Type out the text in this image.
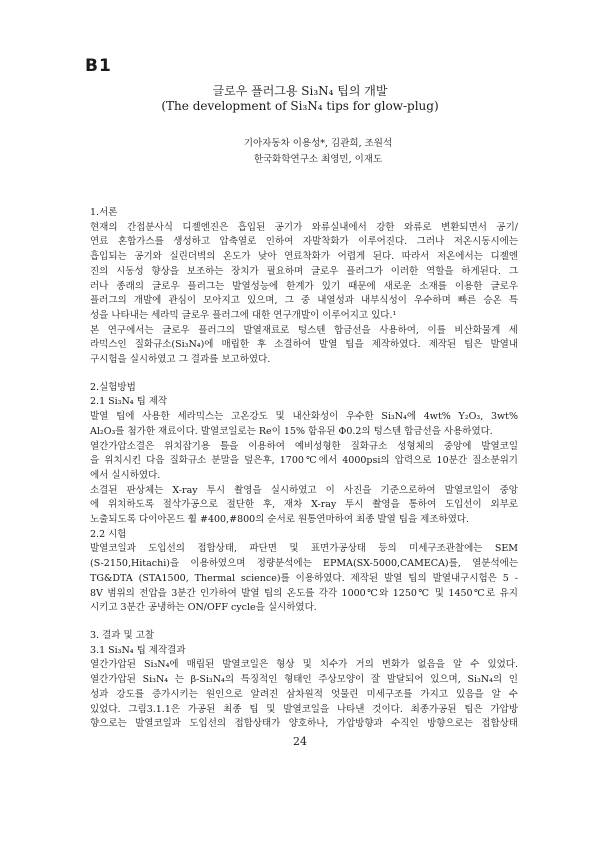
B1
글로우 플러그용 Si₃N₄ 팁의 개발
(The development of Si₃N₄ tips for glow-plug)
기아자동차 이용성*, 김관희, 조원석
한국화학연구소 최영민, 이재도

1.서론

현재의 간접분사식 디젤엔진은 흡입된 공기가 와류실내에서 강한 와류로 변환되면서 공기/

연료 혼합가스를 생성하고 압축열로 인하여 자발착화가 이루어진다. 그러나 저온시동시에는

흡입되는 공기와 실린더벽의 온도가 낮아 연료착화가 어렵게 된다. 따라서 저온에서는 디젤엔

진의 시동성 향상을 보조하는 장치가 필요하며 글로우 플러그가 이러한 역할을 하게된다. 그

러나 종래의 글로우 플러그는 발열성능에 한계가 있기 때문에 새로운 소재를 이용한 글로우

플러그의 개발에 관심이 모아지고 있으며, 그 중 내열성과 내부식성이 우수하며 빠른 승온 특

성을 나타내는 세라믹 글로우 플러그에 대한 연구개발이 이루어지고 있다.¹

본 연구에서는 글로우 플러그의 발열재료로 텅스텐 합금선을 사용하여, 이를 비산화물계 세

라믹스인 질화규소(Si₃N₄)에 매립한 후 소결하여 발열 팁을 제작하였다. 제작된 팁은 발열내

구시험을 실시하였고 그 결과를 보고하였다.

2.실험방법

2.1 Si₃N₄ 팁 제작

발열 팁에 사용한 세라믹스는 고온강도 및 내산화성이 우수한 Si₃N₄에 4wt% Y₂O₃, 3wt%

Al₂O₃를 첨가한 재료이다. 발열코일로는 Re이 15% 함유된 Φ0.2의 텅스텐 합금선을 사용하였다.

열간가압소결은 위치잡기용 틀을 이용하여 예비성형한 질화규소 성형체의 중앙에 발열코일

을 위치시킨 다음 질화규소 분말을 덮은후, 1700℃에서 4000psi의 압력으로 10분간 질소분위기

에서 실시하였다.

소결된 판상체는 X-ray 투시 촬영을 실시하였고 이 사진을 기준으로하여 발열코일이 중앙

에 위치하도록 절삭가공으로 절단한 후, 재차 X-ray 투시 촬영을 통하여 도입선이 외부로

노출되도록 다이아몬드 휠 #400,#800의 순서로 원통연마하여 최종 발열 팁을 제조하였다.

2.2 시험

발열코일과 도입선의 접합상태, 파단면 및 표면가공상태 등의 미세구조관찰에는 SEM

(S-2150,Hitachi)을 이용하였으며 정량분석에는 EPMA(SX-5000,CAMECA)를, 열분석에는

TG&DTA (STA1500, Thermal science)를 이용하였다. 제작된 발열 팁의 발열내구시험은 5 -

8V 범위의 전압을 3분간 인가하여 발열 팁의 온도를 각각 1000℃와 1250℃ 및 1450℃로 유지

시키고 3분간 공냉하는 ON/OFF cycle을 실시하였다.

3. 결과 및 고찰

3.1 Si₃N₄ 팁 제작결과

열간가압된 Si₃N₄에 매립된 발열코일은 형상 및 치수가 거의 변화가 없음을 알 수 있었다.

열간가압된 Si₃N₄ 는 β-Si₃N₄의 특징적인 형태인 주상모양이 잘 발달되어 있으며, Si₃N₄의 인

성과 강도를 증가시키는 원인으로 알려진 삼차원적 엇물린 미세구조를 가지고 있음을 알 수

있었다. 그림3.1.1은 가공된 최종 팁 및 발열코일을 나타낸 것이다. 최종가공된 팁은 가압방

향으로는 발열코일과 도입선의 접합상태가 양호하나, 가압방향과 수직인 방향으로는 접합상태

24
